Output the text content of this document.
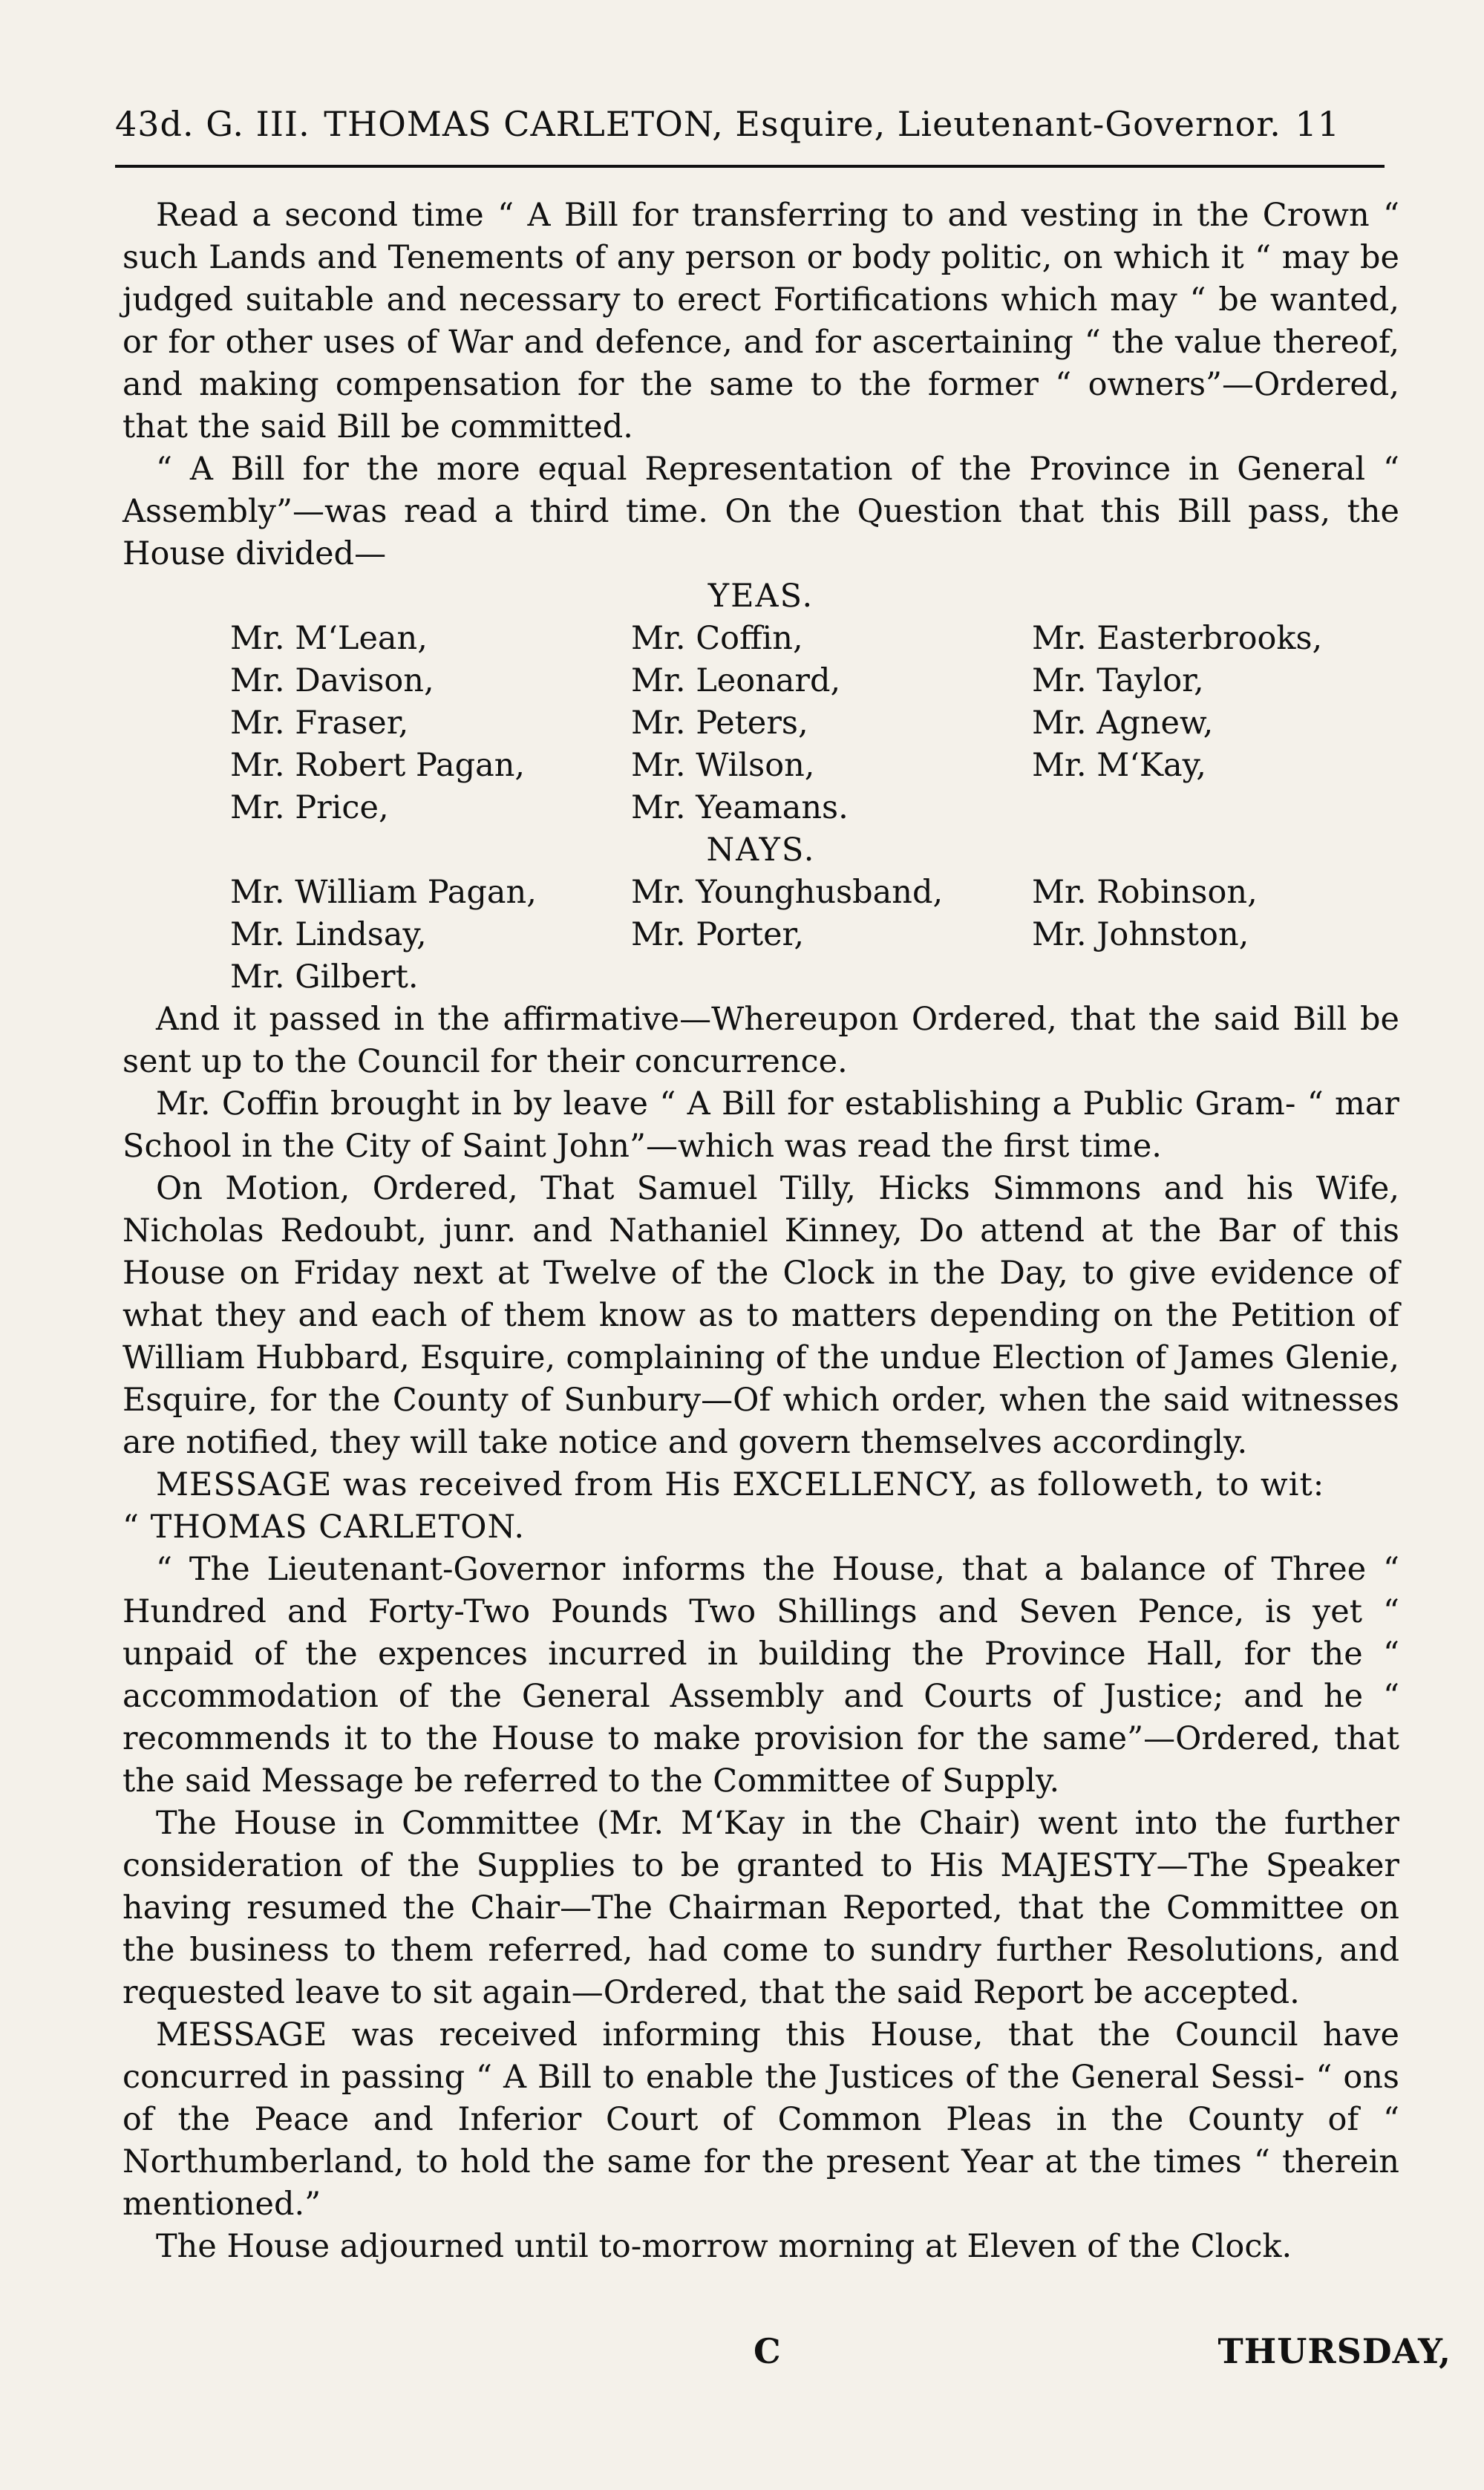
43d. G. III. THOMAS CARLETON, Esquire, Lieutenant-Governor. 11

Read a second time “ A Bill for transferring to and vesting in the Crown “ such Lands and Tenements of any person or body politic, on which it “ may be judged suitable and necessary to erect Fortifications which may “ be wanted, or for other uses of War and defence, and for ascertaining “ the value thereof, and making compensation for the same to the former “ owners”—Ordered, that the said Bill be committed.

“ A Bill for the more equal Representation of the Province in General “ Assembly”—was read a third time. On the Question that this Bill pass, the House divided—

YEAS.

Mr. M‘Lean,	Mr. Coffin,	Mr. Easterbrooks,
Mr. Davison,	Mr. Leonard,	Mr. Taylor,
Mr. Fraser,	Mr. Peters,	Mr. Agnew,
Mr. Robert Pagan,	Mr. Wilson,	Mr. M‘Kay,
Mr. Price,	Mr. Yeamans.

NAYS.

Mr. William Pagan,	Mr. Younghusband,	Mr. Robinson,
Mr. Lindsay,	Mr. Porter,	Mr. Johnston,
Mr. Gilbert.

And it passed in the affirmative—Whereupon Ordered, that the said Bill be sent up to the Council for their concurrence.

Mr. Coffin brought in by leave “ A Bill for establishing a Public Gram- “ mar School in the City of Saint John”—which was read the first time.

On Motion, Ordered, That Samuel Tilly, Hicks Simmons and his Wife, Nicholas Redoubt, junr. and Nathaniel Kinney, Do attend at the Bar of this House on Friday next at Twelve of the Clock in the Day, to give evidence of what they and each of them know as to matters depending on the Petition of William Hubbard, Esquire, complaining of the undue Election of James Glenie, Esquire, for the County of Sunbury—Of which order, when the said witnesses are notified, they will take notice and govern themselves accordingly.

MESSAGE was received from His EXCELLENCY, as followeth, to wit:

“ THOMAS CARLETON.

“ The Lieutenant-Governor informs the House, that a balance of Three “ Hundred and Forty-Two Pounds Two Shillings and Seven Pence, is yet “ unpaid of the expences incurred in building the Province Hall, for the “ accommodation of the General Assembly and Courts of Justice; and he “ recommends it to the House to make provision for the same”—Ordered, that the said Message be referred to the Committee of Supply.

The House in Committee (Mr. M‘Kay in the Chair) went into the further consideration of the Supplies to be granted to His MAJESTY—The Speaker having resumed the Chair—The Chairman Reported, that the Committee on the business to them referred, had come to sundry further Resolutions, and requested leave to sit again—Ordered, that the said Report be accepted.

MESSAGE was received informing this House, that the Council have concurred in passing “ A Bill to enable the Justices of the General Sessi- “ ons of the Peace and Inferior Court of Common Pleas in the County of “ Northumberland, to hold the same for the present Year at the times “ therein mentioned.”

The House adjourned until to-morrow morning at Eleven of the Clock.

C	THURSDAY,
